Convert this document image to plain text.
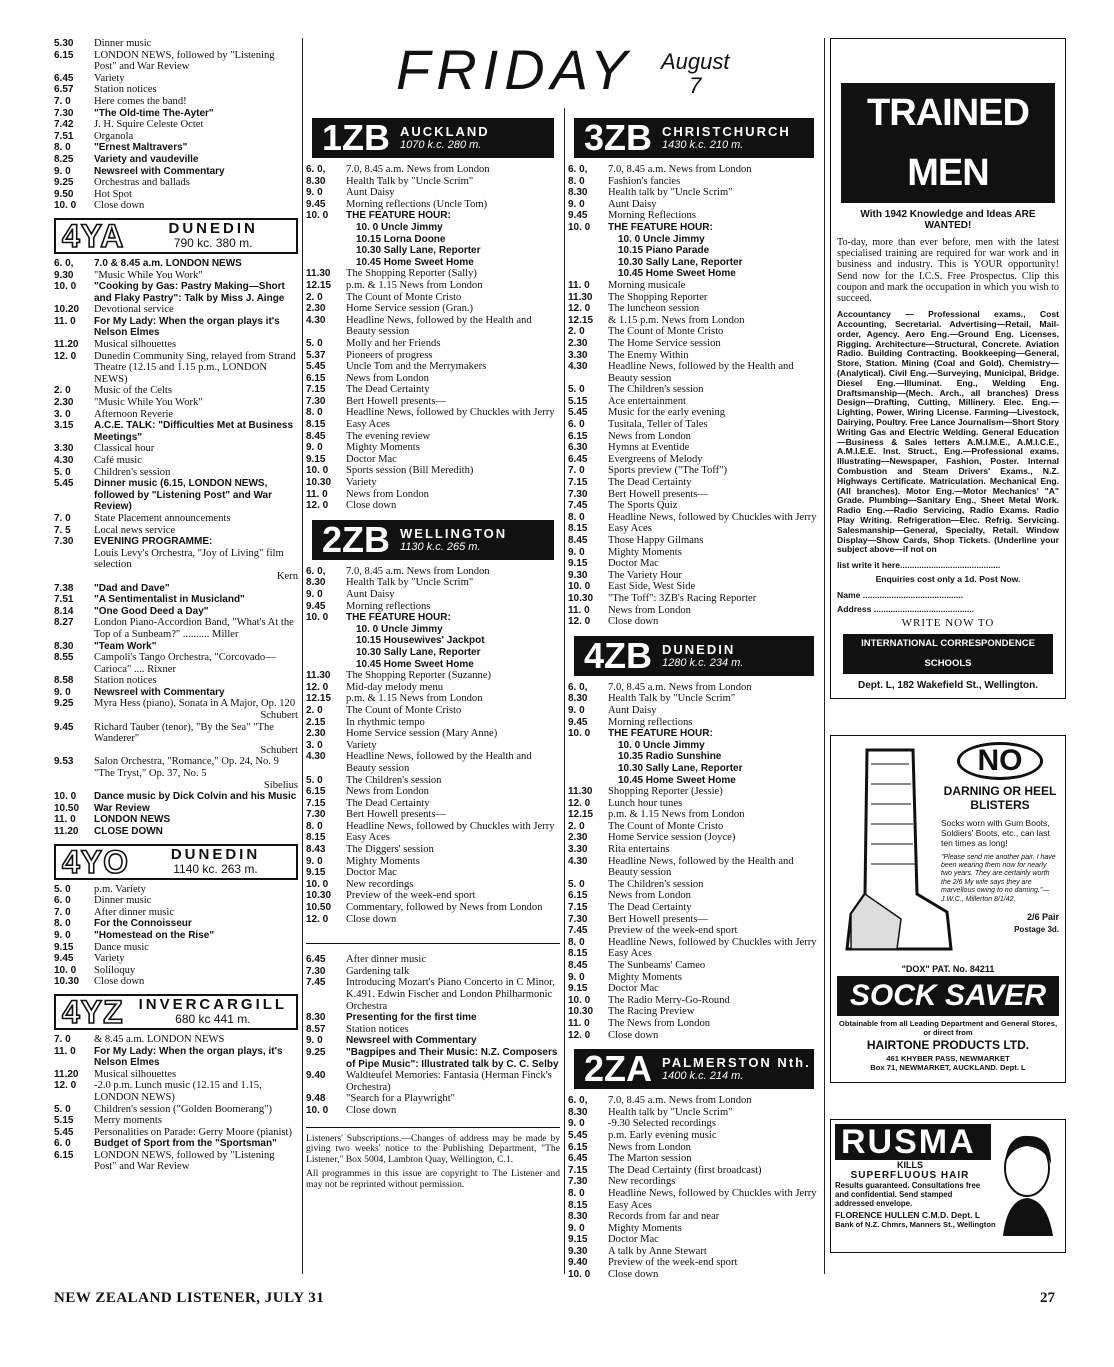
FRIDAY August
7
5.30	Dinner music
6.15	LONDON NEWS, followed by "Listening Post" and War Review
6.45	Variety
6.57	Station notices
7. 0	Here comes the band!
7.30	"The Old-time The-Ayter"
7.42	J. H. Squire Celeste Octet
7.51	Organola
8. 0	"Ernest Maltravers"
8.25	Variety and vaudeville
9. 0	Newsreel with Commentary
9.25	Orchestras and ballads
9.50	Hot Spot
10. 0	Close down
4YA	DUNEDIN
790 kc. 380 m.
6. 0,	7.0 & 8.45 a.m. LONDON NEWS
9.30	"Music While You Work"
10. 0	"Cooking by Gas: Pastry Making—Short and Flaky Pastry": Talk by Miss J. Ainge
10.20	Devotional service
11. 0	For My Lady: When the organ plays it's Nelson Elmes
11.20	Musical silhouettes
12. 0	Dunedin Community Sing, relayed from Strand Theatre (12.15 and 1.15 p.m., LONDON NEWS)
2. 0	Music of the Celts
2.30	"Music While You Work"
3. 0	Afternoon Reverie
3.15	A.C.E. TALK: "Difficulties Met at Business Meetings"
3.30	Classical hour
4.30	Café music
5. 0	Children's session
5.45	Dinner music (6.15, LONDON NEWS, followed by "Listening Post" and War Review)
7. 0	State Placement announcements
7. 5	Local news service
7.30	EVENING PROGRAMME:
Louis Levy's Orchestra, "Joy of Living" film selection
Kern
7.38	"Dad and Dave"
7.51	"A Sentimentalist in Musicland"
8.14	"One Good Deed a Day"
8.27	London Piano-Accordion Band, "What's At the Top of a Sunbeam?" .......... Miller
8.30	"Team Work"
8.55	Campoli's Tango Orchestra, "Corcovado—Carioca" .... Rixner
8.58	Station notices
9. 0	Newsreel with Commentary
9.25	Myra Hess (piano), Sonata in A Major, Op. 120
Schubert
9.45	Richard Tauber (tenor), "By the Sea" "The Wanderer"
Schubert
9.53	Salon Orchestra, "Romance," Op. 24, No. 9 "The Tryst," Op. 37, No. 5
Sibelius
10. 0	Dance music by Dick Colvin and his Music
10.50	War Review
11. 0	LONDON NEWS
11.20	CLOSE DOWN
4YO	DUNEDIN
1140 kc. 263 m.
5. 0	p.m. Variety
6. 0	Dinner music
7. 0	After dinner music
8. 0	For the Connoisseur
9. 0	"Homestead on the Rise"
9.15	Dance music
9.45	Variety
10. 0	Soliloquy
10.30	Close down
4YZ INVERCARGILL
680 kc 441 m.
7. 0	& 8.45 a.m. LONDON NEWS
11. 0	For My Lady: When the organ plays, it's Nelson Elmes
11.20	Musical silhouettes
12. 0	-2.0 p.m. Lunch music (12.15 and 1.15, LONDON NEWS)
5. 0	Children's session ("Golden Boomerang")
5.15	Merry moments
5.45	Personalities on Parade: Gerry Moore (pianist)
6. 0	Budget of Sport from the "Sportsman"
6.15	LONDON NEWS, followed by "Listening Post" and War Review
1ZB AUCKLAND
1070 k.c. 280 m.
6. 0,	7.0, 8.45 a.m. News from London
8.30	Health Talk by "Uncle Scrim"
9. 0	Aunt Daisy
9.45	Morning reflections (Uncle Tom)
10. 0	THE FEATURE HOUR:
10. 0 Uncle Jimmy
10.15 Lorna Doone
10.30 Sally Lane, Reporter
10.45 Home Sweet Home
11.30	The Shopping Reporter (Sally)
12.15	p.m. & 1.15 News from London
2. 0	The Count of Monte Cristo
2.30	Home Service session (Gran.)
4.30	Headline News, followed by the Health and Beauty session
5. 0	Molly and her Friends
5.37	Pioneers of progress
5.45	Uncle Tom and the Merrymakers
6.15	News from London
7.15	The Dead Certainty
7.30	Bert Howell presents—
8. 0	Headline News, followed by Chuckles with Jerry
8.15	Easy Aces
8.45	The evening review
9. 0	Mighty Moments
9.15	Doctor Mac
10. 0	Sports session (Bill Meredith)
10.30	Variety
11. 0	News from London
12. 0	Close down
2ZB WELLINGTON
1130 k.c. 265 m.
6. 0,	7.0, 8.45 a.m. News from London
8.30	Health Talk by "Uncle Scrim"
9. 0	Aunt Daisy
9.45	Morning reflections
10. 0	THE FEATURE HOUR:
10. 0 Uncle Jimmy
10.15 Housewives' Jackpot
10.30 Sally Lane, Reporter
10.45 Home Sweet Home
11.30	The Shopping Reporter (Suzanne)
12. 0	Mid-day melody menu
12.15	p.m. & 1.15 News from London
2. 0	The Count of Monte Cristo
2.15	In rhythmic tempo
2.30	Home Service session (Mary Anne)
3. 0	Variety
4.30	Headline News, followed by the Health and Beauty session
5. 0	The Children's session
6.15	News from London
7.15	The Dead Certainty
7.30	Bert Howell presents—
8. 0	Headline News, followed by Chuckles with Jerry
8.15	Easy Aces
8.43	The Diggers' session
9. 0	Mighty Moments
9.15	Doctor Mac
10. 0	New recordings
10.30	Preview of the week-end sport
10.50	Commentary, followed by News from London
12. 0	Close down
6.45	After dinner music
7.30	Gardening talk
7.45	Introducing Mozart's Piano Concerto in C Minor, K.491. Edwin Fischer and London Philharmonic Orchestra
8.30	Presenting for the first time
8.57	Station notices
9. 0	Newsreel with Commentary
9.25	"Bagpipes and Their Music: N.Z. Composers of Pipe Music": Illustrated talk by C. C. Selby
9.40	Waldteufel Memories: Fantasia (Herman Finck's Orchestra)
9.48	"Search for a Playwright"
10. 0	Close down
Listeners' Subscriptions.—Changes of address may be made by giving two weeks' notice to the Publishing Department, "The Listener," Box 5004, Lambton Quay, Wellington, C.1.
All programmes in this issue are copyright to The Listener and may not be reprinted without permission.
3ZB CHRISTCHURCH
1430 k.c. 210 m.
6. 0,	7.0, 8.45 a.m. News from London
8. 0	Fashion's fancies
8.30	Health talk by "Uncle Scrim"
9. 0	Aunt Daisy
9.45	Morning Reflections
10. 0	THE FEATURE HOUR:
10. 0 Uncle Jimmy
10.15 Piano Parade
10.30 Sally Lane, Reporter
10.45 Home Sweet Home
11. 0	Morning musicale
11.30	The Shopping Reporter
12. 0	The luncheon session
12.15	& 1.15 p.m. News from London
2. 0	The Count of Monte Cristo
2.30	The Home Service session
3.30	The Enemy Within
4.30	Headline News, followed by the Health and Beauty session
5. 0	The Children's session
5.15	Ace entertainment
5.45	Music for the early evening
6. 0	Tusitala, Teller of Tales
6.15	News from London
6.30	Hymns at Eventide
6.45	Evergreens of Melody
7. 0	Sports preview ("The Toff")
7.15	The Dead Certainty
7.30	Bert Howell presents—
7.45	The Sports Quiz
8. 0	Headline News, followed by Chuckles with Jerry
8.15	Easy Aces
8.45	Those Happy Gilmans
9. 0	Mighty Moments
9.15	Doctor Mac
9.30	The Variety Hour
10. 0	East Side, West Side
10.30	"The Toff": 3ZB's Racing Reporter
11. 0	News from London
12. 0	Close down
4ZB DUNEDIN
1280 k.c. 234 m.
6. 0,	7.0, 8.45 a.m. News from London
8.30	Health Talk by "Uncle Scrim"
9. 0	Aunt Daisy
9.45	Morning reflections
10. 0	THE FEATURE HOUR:
10. 0 Uncle Jimmy
10.35 Radio Sunshine
10.30 Sally Lane, Reporter
10.45 Home Sweet Home
11.30	Shopping Reporter (Jessie)
12. 0	Lunch hour tunes
12.15	p.m. & 1.15 News from London
2. 0	The Count of Monte Cristo
2.30	Home Service session (Joyce)
3.30	Rita entertains
4.30	Headline News, followed by the Health and Beauty session
5. 0	The Children's session
6.15	News from London
7.15	The Dead Certainty
7.30	Bert Howell presents—
7.45	Preview of the week-end sport
8. 0	Headline News, followed by Chuckles with Jerry
8.15	Easy Aces
8.45	The Sunbeams' Cameo
9. 0	Mighty Moments
9.15	Doctor Mac
10. 0	The Radio Merry-Go-Round
10.30	The Racing Preview
11. 0	The News from London
12. 0	Close down
2ZA PALMERSTON Nth.
1400 k.c. 214 m.
6. 0,	7.0, 8.45 a.m. News from London
8.30	Health talk by "Uncle Scrim"
9. 0	-9.30 Selected recordings
5.45	p.m. Early evening music
6.15	News from London
6.45	The Marton session
7.15	The Dead Certainty (first broadcast)
7.30	New recordings
8. 0	Headline News, followed by Chuckles with Jerry
8.15	Easy Aces
8.30	Records from far and near
9. 0	Mighty Moments
9.15	Doctor Mac
9.30	A talk by Anne Stewart
9.40	Preview of the week-end sport
10. 0	Close down
TRAINED MEN
With 1942 Knowledge and Ideas ARE WANTED!
To-day, more than ever before, men with the latest specialised training are required for war work and in business and industry. This is YOUR opportunity! Send now for the I.C.S. Free Prospectus. Clip this coupon and mark the occupation in which you wish to succeed.
Accountancy — Professional exams., Cost Accounting, Secretarial. Advertising—Retail, Mail-order, Agency. Aero Eng.—Ground Eng. Licenses, Rigging. Architecture—Structural, Concrete. Aviation Radio. Building Contracting. Bookkeeping—General, Store, Station. Mining (Coal and Gold). Chemistry—(Analytical). Civil Eng.—Surveying, Municipal, Bridge. Diesel Eng.—Illuminat. Eng., Welding Eng. Draftsmanship—(Mech. Arch., all branches) Dress Design—Drafting, Cutting, Millinery. Elec. Eng.—Lighting, Power, Wiring License. Farming—Livestock, Dairying, Poultry. Free Lance Journalism—Short Story Writing Gas and Electric Welding. General Education—Business & Sales letters A.M.I.M.E., A.M.I.C.E., A.M.I.E.E. Inst. Struct., Eng.—Professional exams. Illustrating—Newspaper, Fashion, Poster. Internal Combustion and Steam Drivers' Exams., N.Z. Highways Certificate. Matriculation. Mechanical Eng. (All branches). Motor Eng.—Motor Mechanics' "A" Grade. Plumbing—Sanitary Eng., Sheet Metal Work. Radio Eng.—Radio Servicing, Radio Exams. Radio Play Writing. Refrigeration—Elec. Refrig. Servicing. Salesmanship—General, Specialty, Retail. Window Display—Show Cards, Shop Tickets. (Underline your subject above—if not on
list write it here..........................................
Enquiries cost only a 1d. Post Now.
Name ..........................................
Address ..........................................
WRITE NOW TO
INTERNATIONAL CORRESPONDENCE SCHOOLS
Dept. L, 182 Wakefield St., Wellington.
NO
DARNING OR HEEL BLISTERS
Socks worn with Gum Boots, Soldiers' Boots, etc., can last ten times as long!
"Please send me another pair. I have been wearing them now for nearly two years. They are certainly worth the 2/6 My wife says they are marvellous owing to no darning."—J.W.C., Millerton 8/1/42.
2/6 Pair
Postage 3d.
"DOX" PAT. No. 84211
SOCK SAVER
Obtainable from all Leading Department and General Stores, or direct from
HAIRTONE PRODUCTS LTD.
461 KHYBER PASS, NEWMARKET
Box 71, NEWMARKET, AUCKLAND. Dept. L
RUSMA
KILLS
SUPERFLUOUS HAIR
Results guaranteed. Consultations free and confidential. Send stamped addressed envelope.
FLORENCE HULLEN C.M.D. Dept. L
Bank of N.Z. Chmrs, Manners St., Wellington
NEW ZEALAND LISTENER, JULY 31	27
